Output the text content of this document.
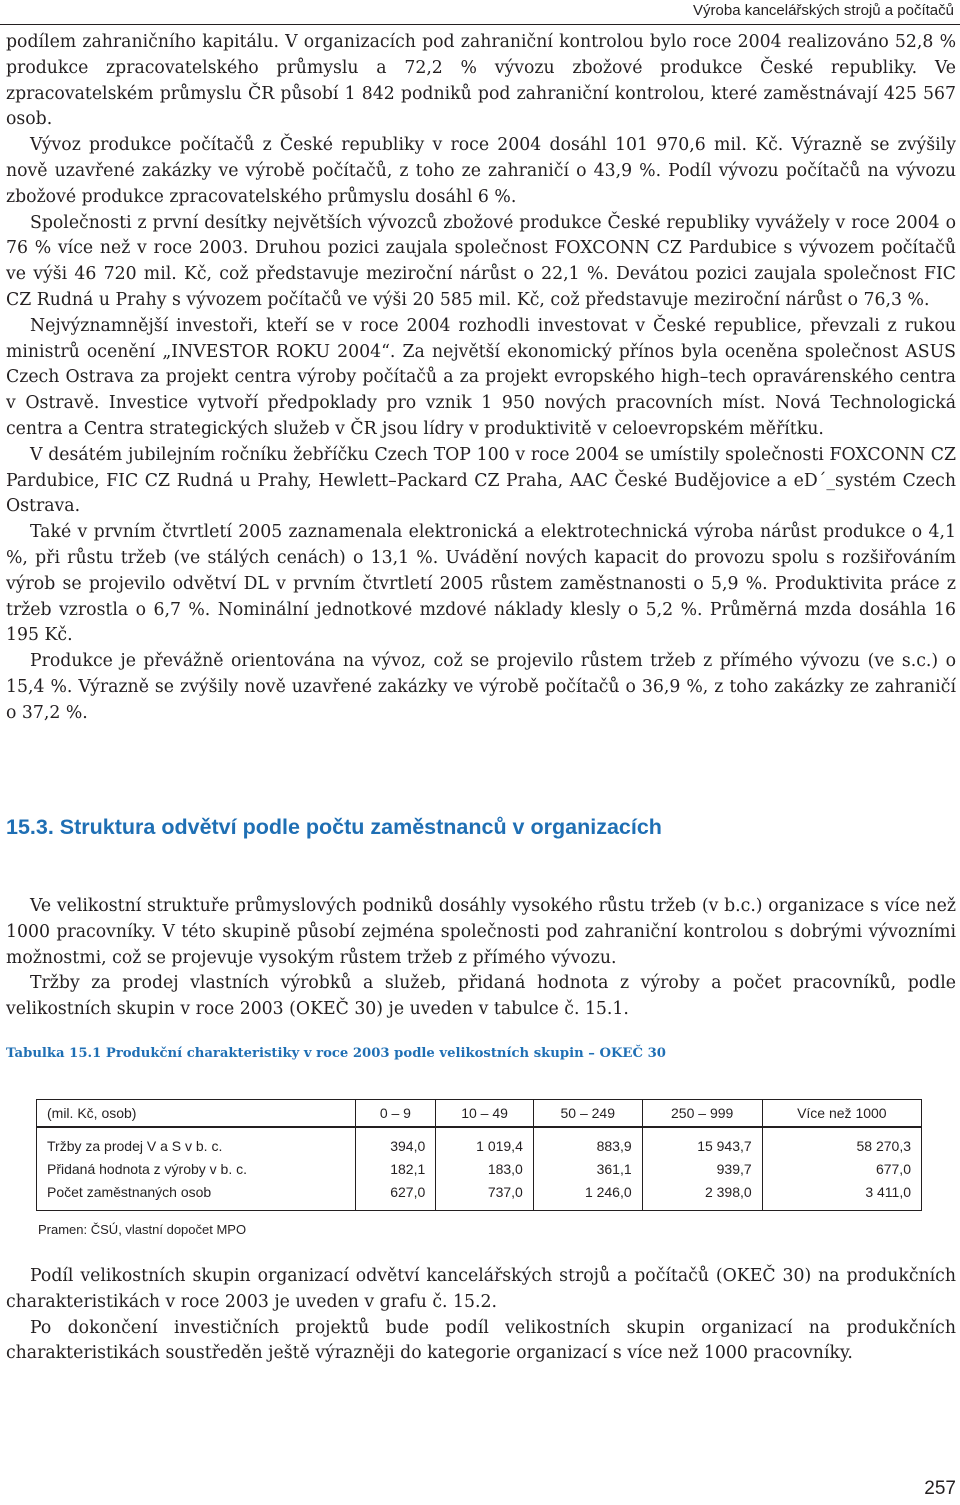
Výroba kancelářských strojů a počítačů

podílem zahraničního kapitálu. V organizacích pod zahraniční kontrolou bylo roce 2004 realizováno 52,8 % produkce zpracovatelského průmyslu a 72,2 % vývozu zbožové produkce České republiky. Ve zpracovatelském průmyslu ČR působí 1 842 podniků pod zahraniční kontrolou, které zaměstnávají 425 567 osob.

Vývoz produkce počítačů z České republiky v roce 2004 dosáhl 101 970,6 mil. Kč. Výrazně se zvýšily nově uzavřené zakázky ve výrobě počítačů, z toho ze zahraničí o 43,9 %. Podíl vývozu počítačů na vývozu zbožové produkce zpracovatelského průmyslu dosáhl 6 %.

Společnosti z první desítky největších vývozců zbožové produkce České republiky vyvážely v roce 2004 o 76 % více než v roce 2003. Druhou pozici zaujala společnost FOXCONN CZ Pardubice s vývozem počítačů ve výši 46 720 mil. Kč, což představuje meziroční nárůst o 22,1 %. Devátou pozici zaujala společnost FIC CZ Rudná u Prahy s vývozem počítačů ve výši 20 585 mil. Kč, což představuje meziroční nárůst o 76,3 %.

Nejvýznamnější investoři, kteří se v roce 2004 rozhodli investovat v České republice, převzali z rukou ministrů ocenění „INVESTOR ROKU 2004“. Za největší ekonomický přínos byla oceněna společnost ASUS Czech Ostrava za projekt centra výroby počítačů a za projekt evropského high–tech opravárenského centra v Ostravě. Investice vytvoří předpoklady pro vznik 1 950 nových pracovních míst. Nová Technologická centra a Centra strategických služeb v ČR jsou lídry v produktivitě v celoevropském měřítku.

V desátém jubilejním ročníku žebříčku Czech TOP 100 v roce 2004 se umístily společnosti FOXCONN CZ Pardubice, FIC CZ Rudná u Prahy, Hewlett–Packard CZ Praha, AAC České Budějovice a eD´_systém Czech Ostrava.

Také v prvním čtvrtletí 2005 zaznamenala elektronická a elektrotechnická výroba nárůst produkce o 4,1 %, při růstu tržeb (ve stálých cenách) o 13,1 %. Uvádění nových kapacit do provozu spolu s rozšiřováním výrob se projevilo odvětví DL v prvním čtvrtletí 2005 růstem zaměstnanosti o 5,9 %. Produktivita práce z tržeb vzrostla o 6,7 %. Nominální jednotkové mzdové náklady klesly o 5,2 %. Průměrná mzda dosáhla 16 195 Kč.

Produkce je převážně orientována na vývoz, což se projevilo růstem tržeb z přímého vývozu (ve s.c.) o 15,4 %. Výrazně se zvýšily nově uzavřené zakázky ve výrobě počítačů o 36,9 %, z toho zakázky ze zahraničí o 37,2 %.

15.3. Struktura odvětví podle počtu zaměstnanců v organizacích

Ve velikostní struktuře průmyslových podniků dosáhly vysokého růstu tržeb (v b.c.) organizace s více než 1000 pracovníky. V této skupině působí zejména společnosti pod zahraniční kontrolou s dobrými vývozními možnostmi, což se projevuje vysokým růstem tržeb z přímého vývozu.

Tržby za prodej vlastních výrobků a služeb, přidaná hodnota z výroby a počet pracovníků, podle velikostních skupin v roce 2003 (OKEČ 30) je uveden v tabulce č. 15.1.

Tabulka 15.1 Produkční charakteristiky v roce 2003 podle velikostních skupin – OKEČ 30

(mil. Kč, osob)	0 – 9	10 – 49	50 – 249	250 – 999	Více než 1000
Tržby za prodej V a S v b. c.	394,0	1 019,4	883,9	15 943,7	58 270,3
Přidaná hodnota z výroby v b. c.	182,1	183,0	361,1	939,7	677,0
Počet zaměstnaných osob	627,0	737,0	1 246,0	2 398,0	3 411,0

Pramen: ČSÚ, vlastní dopočet MPO

Podíl velikostních skupin organizací odvětví kancelářských strojů a počítačů (OKEČ 30) na produkčních charakteristikách v roce 2003 je uveden v grafu č. 15.2.

Po dokončení investičních projektů bude podíl velikostních skupin organizací na produkčních charakteristikách soustředěn ještě výrazněji do kategorie organizací s více než 1000 pracovníky.

257
